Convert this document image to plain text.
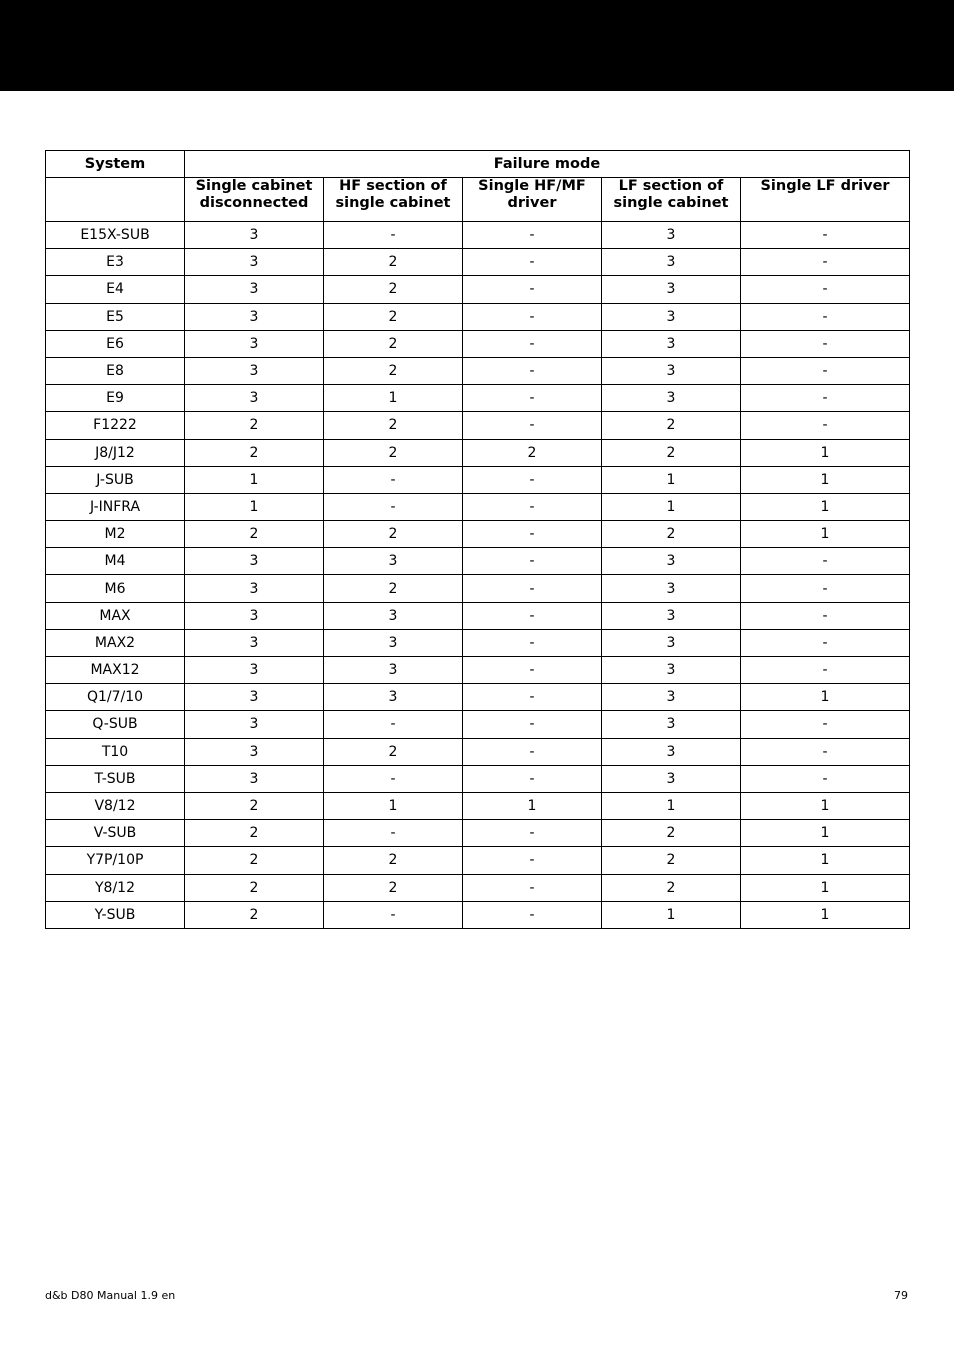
System	Failure mode				
	Single cabinet disconnected	HF section of single cabinet	Single HF/MF driver	LF section of single cabinet	Single LF driver
E15X-SUB	3	-	-	3	-
E3	3	2	-	3	-
E4	3	2	-	3	-
E5	3	2	-	3	-
E6	3	2	-	3	-
E8	3	2	-	3	-
E9	3	1	-	3	-
F1222	2	2	-	2	-
J8/J12	2	2	2	2	1
J-SUB	1	-	-	1	1
J-INFRA	1	-	-	1	1
M2	2	2	-	2	1
M4	3	3	-	3	-
M6	3	2	-	3	-
MAX	3	3	-	3	-
MAX2	3	3	-	3	-
MAX12	3	3	-	3	-
Q1/7/10	3	3	-	3	1
Q-SUB	3	-	-	3	-
T10	3	2	-	3	-
T-SUB	3	-	-	3	-
V8/12	2	1	1	1	1
V-SUB	2	-	-	2	1
Y7P/10P	2	2	-	2	1
Y8/12	2	2	-	2	1
Y-SUB	2	-	-	1	1
d&b D80 Manual 1.9 en	79
